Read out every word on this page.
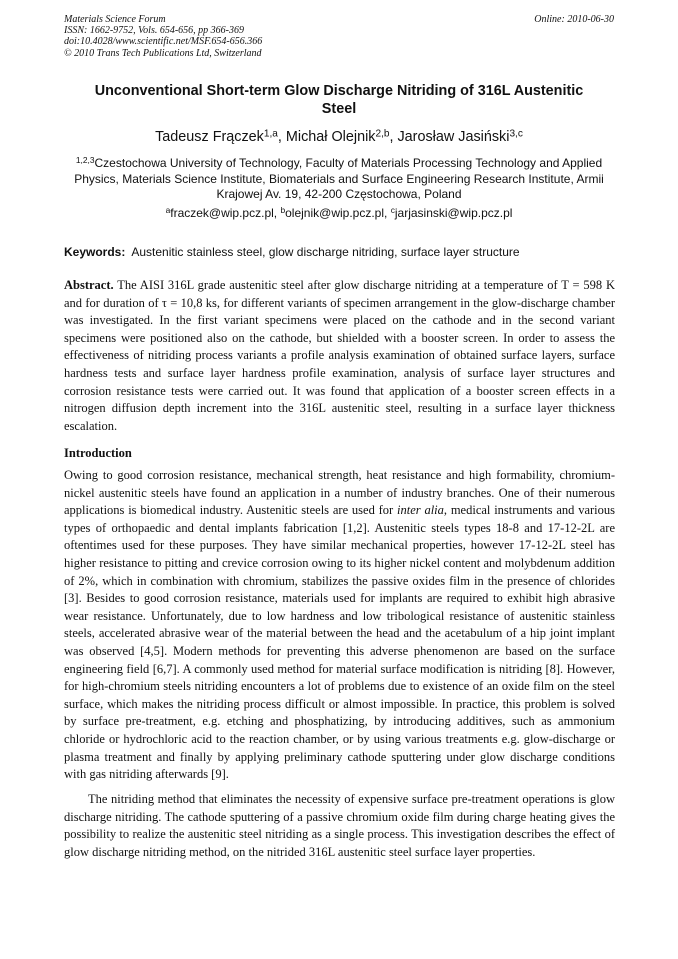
Materials Science Forum
ISSN: 1662-9752, Vols. 654-656, pp 366-369
doi:10.4028/www.scientific.net/MSF.654-656.366
© 2010 Trans Tech Publications Ltd, Switzerland
Online: 2010-06-30
Unconventional Short-term Glow Discharge Nitriding of 316L Austenitic Steel
Tadeusz Frączek$^{1,a}$, Michał Olejnik$^{2,b}$, Jarosław Jasiński$^{3,c}$
$^{1,2,3}$Czestochowa University of Technology, Faculty of Materials Processing Technology and Applied Physics, Materials Science Institute, Biomaterials and Surface Engineering Research Institute, Armii Krajowej Av. 19, 42-200 Częstochowa, Poland
$^a$fraczek@wip.pcz.pl, $^b$olejnik@wip.pcz.pl, $^c$jarjasinski@wip.pcz.pl
Keywords: Austenitic stainless steel, glow discharge nitriding, surface layer structure

Abstract. The AISI 316L grade austenitic steel after glow discharge nitriding at a temperature of T = 598 K and for duration of τ = 10,8 ks, for different variants of specimen arrangement in the glow-discharge chamber was investigated. In the first variant specimens were placed on the cathode and in the second variant specimens were positioned also on the cathode, but shielded with a booster screen. In order to assess the effectiveness of nitriding process variants a profile analysis examination of obtained surface layers, surface hardness tests and surface layer hardness profile examination, analysis of surface layer structures and corrosion resistance tests were carried out. It was found that application of a booster screen effects in a nitrogen diffusion depth increment into the 316L austenitic steel, resulting in a surface layer thickness escalation.

Introduction

Owing to good corrosion resistance, mechanical strength, heat resistance and high formability, chromium-nickel austenitic steels have found an application in a number of industry branches. One of their numerous applications is biomedical industry. Austenitic steels are used for inter alia, medical instruments and various types of orthopaedic and dental implants fabrication [1,2]. Austenitic steels types 18-8 and 17-12-2L are oftentimes used for these purposes. They have similar mechanical properties, however 17-12-2L steel has higher resistance to pitting and crevice corrosion owing to its higher nickel content and molybdenum addition of 2%, which in combination with chromium, stabilizes the passive oxides film in the presence of chlorides [3]. Besides to good corrosion resistance, materials used for implants are required to exhibit high abrasive wear resistance. Unfortunately, due to low hardness and low tribological resistance of austenitic stainless steels, accelerated abrasive wear of the material between the head and the acetabulum of a hip joint implant was observed [4,5]. Modern methods for preventing this adverse phenomenon are based on the surface engineering field [6,7]. A commonly used method for material surface modification is nitriding [8]. However, for high-chromium steels nitriding encounters a lot of problems due to existence of an oxide film on the steel surface, which makes the nitriding process difficult or almost impossible. In practice, this problem is solved by surface pre-treatment, e.g. etching and phosphatizing, by introducing additives, such as ammonium chloride or hydrochloric acid to the reaction chamber, or by using various treatments e.g. glow-discharge or plasma treatment and finally by applying preliminary cathode sputtering under glow discharge conditions with gas nitriding afterwards [9].

The nitriding method that eliminates the necessity of expensive surface pre-treatment operations is glow discharge nitriding. The cathode sputtering of a passive chromium oxide film during charge heating gives the possibility to realize the austenitic steel nitriding as a single process. This investigation describes the effect of glow discharge nitriding method, on the nitrided 316L austenitic steel surface layer properties.
